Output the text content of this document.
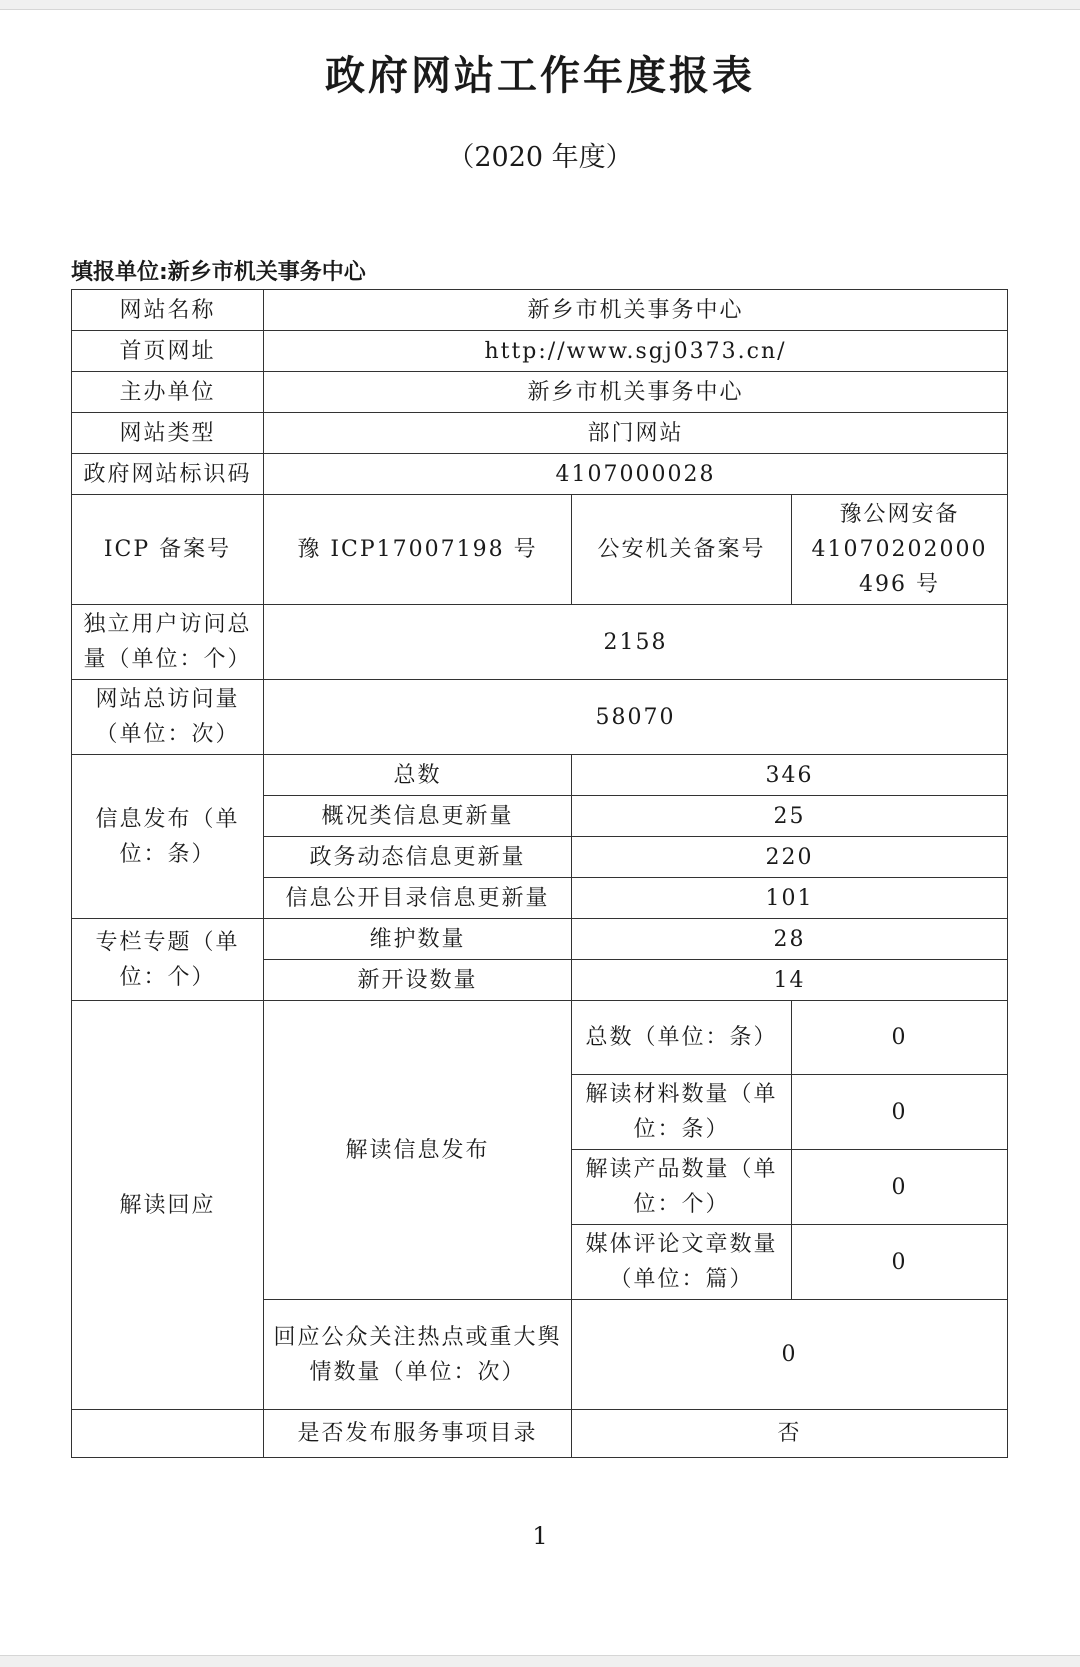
政府网站工作年度报表
（2020 年度）
填报单位:新乡市机关事务中心
网站名称	新乡市机关事务中心		
首页网址	http://www.sgj0373.cn/		
主办单位	新乡市机关事务中心		
网站类型	部门网站		
政府网站标识码	4107000028		
ICP 备案号	豫 ICP17007198 号	公安机关备案号	豫公网安备 41070202000 496 号
独立用户访问总量（单位：个）	2158		
网站总访问量（单位：次）	58070		
信息发布（单位：条）	总数	346	
	概况类信息更新量	25	
	政务动态信息更新量	220	
	信息公开目录信息更新量	101	
专栏专题（单位：个）	维护数量	28	
	新开设数量	14	
解读回应	解读信息发布	总数（单位：条）	0
		解读材料数量（单位：条）	0
		解读产品数量（单位：个）	0
		媒体评论文章数量（单位：篇）	0
	回应公众关注热点或重大舆情数量（单位：次）	0	
	是否发布服务事项目录	否	
1
